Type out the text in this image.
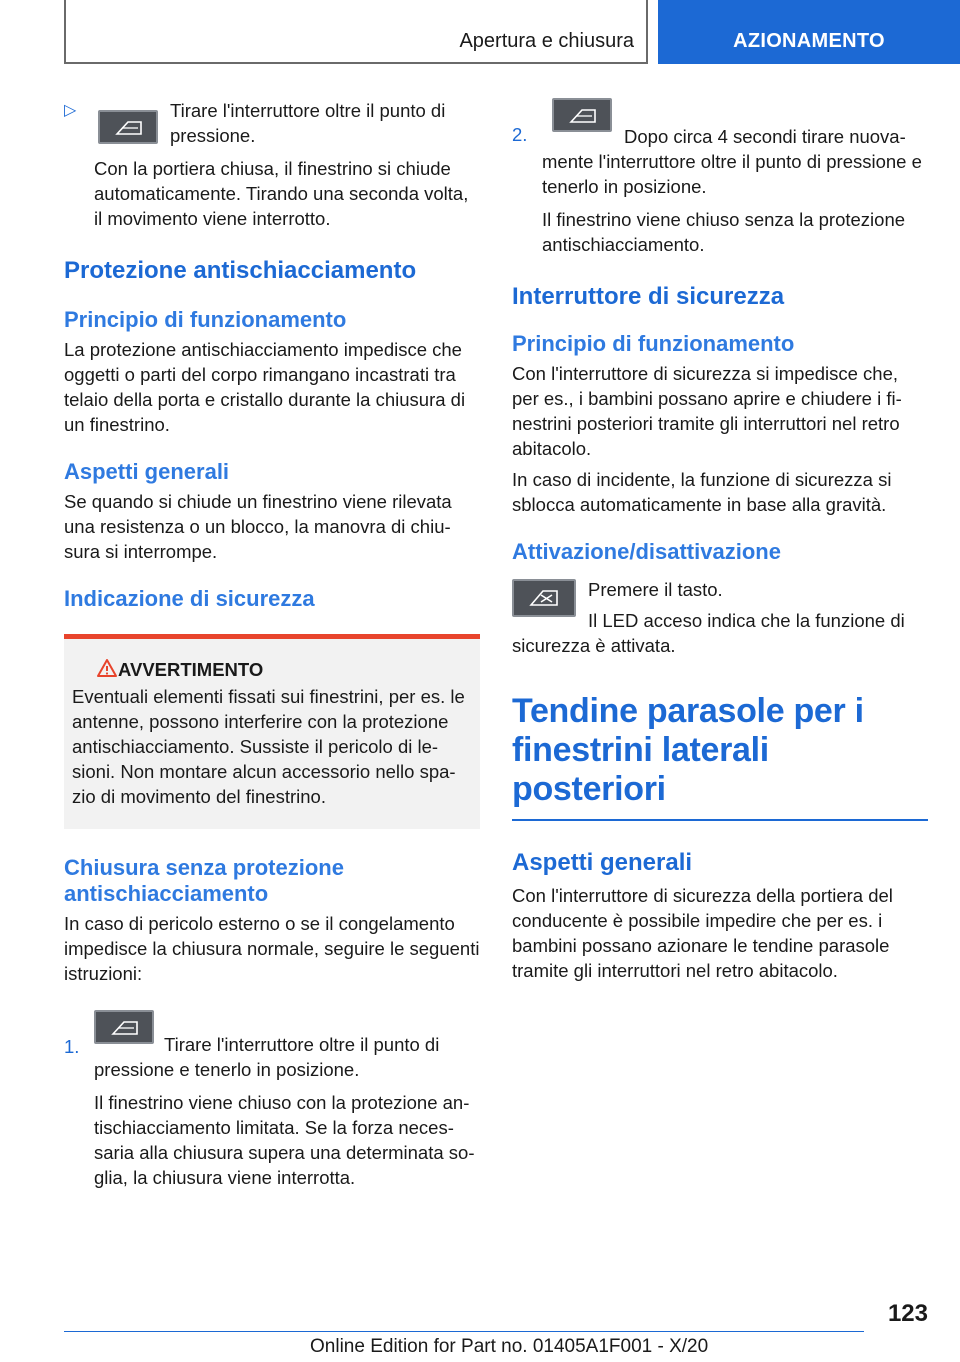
Apertura e chiusura	AZIONAMENTO
▷	Tirare l'interruttore oltre il punto di pressione.

Con la portiera chiusa, il finestrino si chiude automaticamente. Tirando una seconda volta, il movimento viene interrotto.

Protezione antischiacciamento
Principio di funzionamento

La protezione antischiacciamento impedisce che oggetti o parti del corpo rimangano incastrati tra telaio della porta e cristallo durante la chiusura di un finestrino.

Aspetti generali

Se quando si chiude un finestrino viene rilevata una resistenza o un blocco, la manovra di chiusura si interrompe.

Indicazione di sicurezza
AVVERTIMENTO

Eventuali elementi fissati sui finestrini, per es. le antenne, possono interferire con la protezione antischiacciamento. Sussiste il pericolo di lesioni. Non montare alcun accessorio nello spazio di movimento del finestrino.

Chiusura senza protezione antischiacciamento

In caso di pericolo esterno o se il congelamento impedisce la chiusura normale, seguire le seguenti istruzioni:

1.	Tirare l'interruttore oltre il punto di pressione e tenerlo in posizione.

Il finestrino viene chiuso con la protezione antischiacciamento limitata. Se la forza necessaria alla chiusura supera una determinata soglia, la chiusura viene interrotta.

2.	Dopo circa 4 secondi tirare nuovamente l'interruttore oltre il punto di pressione e tenerlo in posizione.

Il finestrino viene chiuso senza la protezione antischiacciamento.

Interruttore di sicurezza
Principio di funzionamento

Con l'interruttore di sicurezza si impedisce che, per es., i bambini possano aprire e chiudere i finestrini posteriori tramite gli interruttori nel retro abitacolo.

In caso di incidente, la funzione di sicurezza si sblocca automaticamente in base alla gravità.

Attivazione/disattivazione

Premere il tasto.

Il LED acceso indica che la funzione di sicurezza è attivata.

Tendine parasole per i finestrini laterali posteriori
Aspetti generali

Con l'interruttore di sicurezza della portiera del conducente è possibile impedire che per es. i bambini possano azionare le tendine parasole tramite gli interruttori nel retro abitacolo.

123
Online Edition for Part no. 01405A1F001 - X/20
